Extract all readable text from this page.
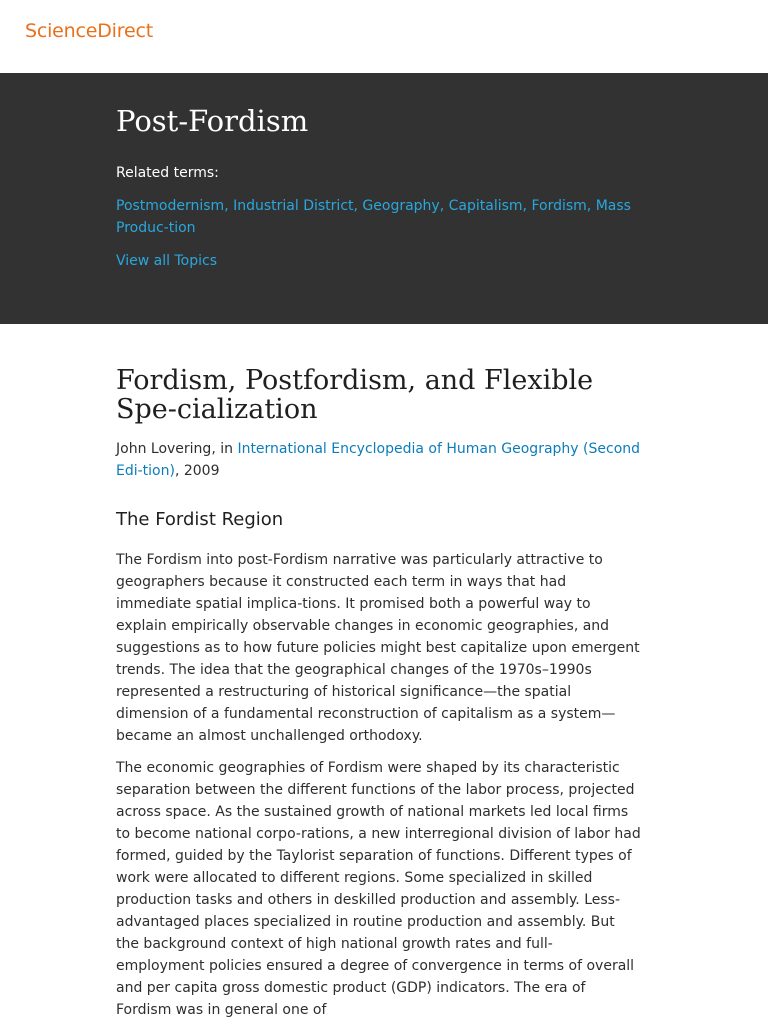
ScienceDirect
Post-Fordism
Related terms:
Postmodernism, Industrial District, Geography, Capitalism, Fordism, Mass Produc-tion
View all Topics
Fordism, Postfordism, and Flexible Spe-cialization
John Lovering, in International Encyclopedia of Human Geography (Second Edi-tion), 2009
The Fordist Region

The Fordism into post-Fordism narrative was particularly attractive to geographers because it constructed each term in ways that had immediate spatial implica-tions. It promised both a powerful way to explain empirically observable changes in economic geographies, and suggestions as to how future policies might best capitalize upon emergent trends. The idea that the geographical changes of the 1970s–1990s represented a restructuring of historical significance—the spatial dimension of a fundamental reconstruction of capitalism as a system—became an almost unchallenged orthodoxy.

The economic geographies of Fordism were shaped by its characteristic separation between the different functions of the labor process, projected across space. As the sustained growth of national markets led local firms to become national corpo-rations, a new interregional division of labor had formed, guided by the Taylorist separation of functions. Different types of work were allocated to different regions. Some specialized in skilled production tasks and others in deskilled production and assembly. Less-advantaged places specialized in routine production and assembly. But the background context of high national growth rates and full-employment policies ensured a degree of convergence in terms of overall and per capita gross domestic product (GDP) indicators. The era of Fordism was in general one of
